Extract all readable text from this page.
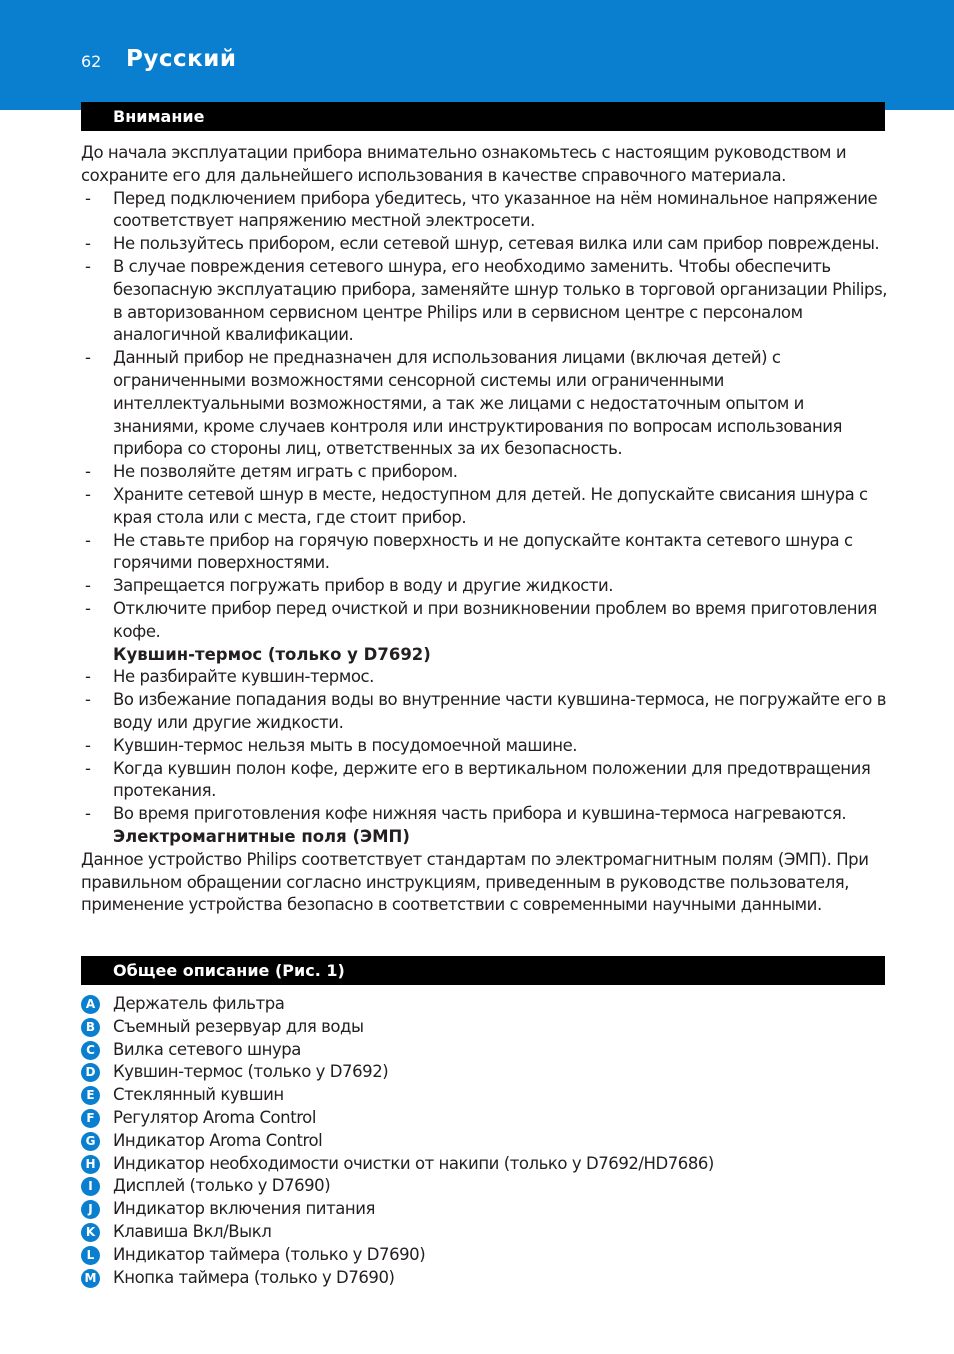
62 Русский
Внимание

До начала эксплуатации прибора внимательно ознакомьтесь с настоящим руководством и сохраните его для дальнейшего использования в качестве справочного материала.

- Перед подключением прибора убедитесь, что указанное на нём номинальное напряжение соответствует напряжению местной электросети.
- Не пользуйтесь прибором, если сетевой шнур, сетевая вилка или сам прибор повреждены.
- В случае повреждения сетевого шнура, его необходимо заменить. Чтобы обеспечить безопасную эксплуатацию прибора, заменяйте шнур только в торговой организации Philips, в авторизованном сервисном центре Philips или в сервисном центре с персоналом аналогичной квалификации.
- Данный прибор не предназначен для использования лицами (включая детей) с ограниченными возможностями сенсорной системы или ограниченными интеллектуальными возможностями, а так же лицами с недостаточным опытом и знаниями, кроме случаев контроля или инструктирования по вопросам использования прибора со стороны лиц, ответственных за их безопасность.
- Не позволяйте детям играть с прибором.
- Храните сетевой шнур в месте, недоступном для детей. Не допускайте свисания шнура с края стола или с места, где стоит прибор.
- Не ставьте прибор на горячую поверхность и не допускайте контакта сетевого шнура с горячими поверхностями.
- Запрещается погружать прибор в воду и другие жидкости.
- Отключите прибор перед очисткой и при возникновении проблем во время приготовления кофе.

Кувшин-термос (только у D7692)

- Не разбирайте кувшин-термос.
- Во избежание попадания воды во внутренние части кувшина-термоса, не погружайте его в воду или другие жидкости.
- Кувшин-термос нельзя мыть в посудомоечной машине.
- Когда кувшин полон кофе, держите его в вертикальном положении для предотвращения протекания.
- Во время приготовления кофе нижняя часть прибора и кувшина-термоса нагреваются.

Электромагнитные поля (ЭМП)

Данное устройство Philips соответствует стандартам по электромагнитным полям (ЭМП). При правильном обращении согласно инструкциям, приведенным в руководстве пользователя, применение устройства безопасно в соответствии с современными научными данными.

Общее описание (Рис. 1)
A Держатель фильтра
B Съемный резервуар для воды
C	Вилка сетевого шнура
D Кувшин-термос (только у D7692)
E	Стеклянный кувшин
F	Регулятор Aroma Control
G Индикатор Aroma Control
H Индикатор необходимости очистки от накипи (только у D7692/HD7686)
I	Дисплей (только у D7690)
J	Индикатор включения питания
K Клавиша Вкл/Выкл
L	Индикатор таймера (только у D7690)
M Кнопка таймера (только у D7690)
